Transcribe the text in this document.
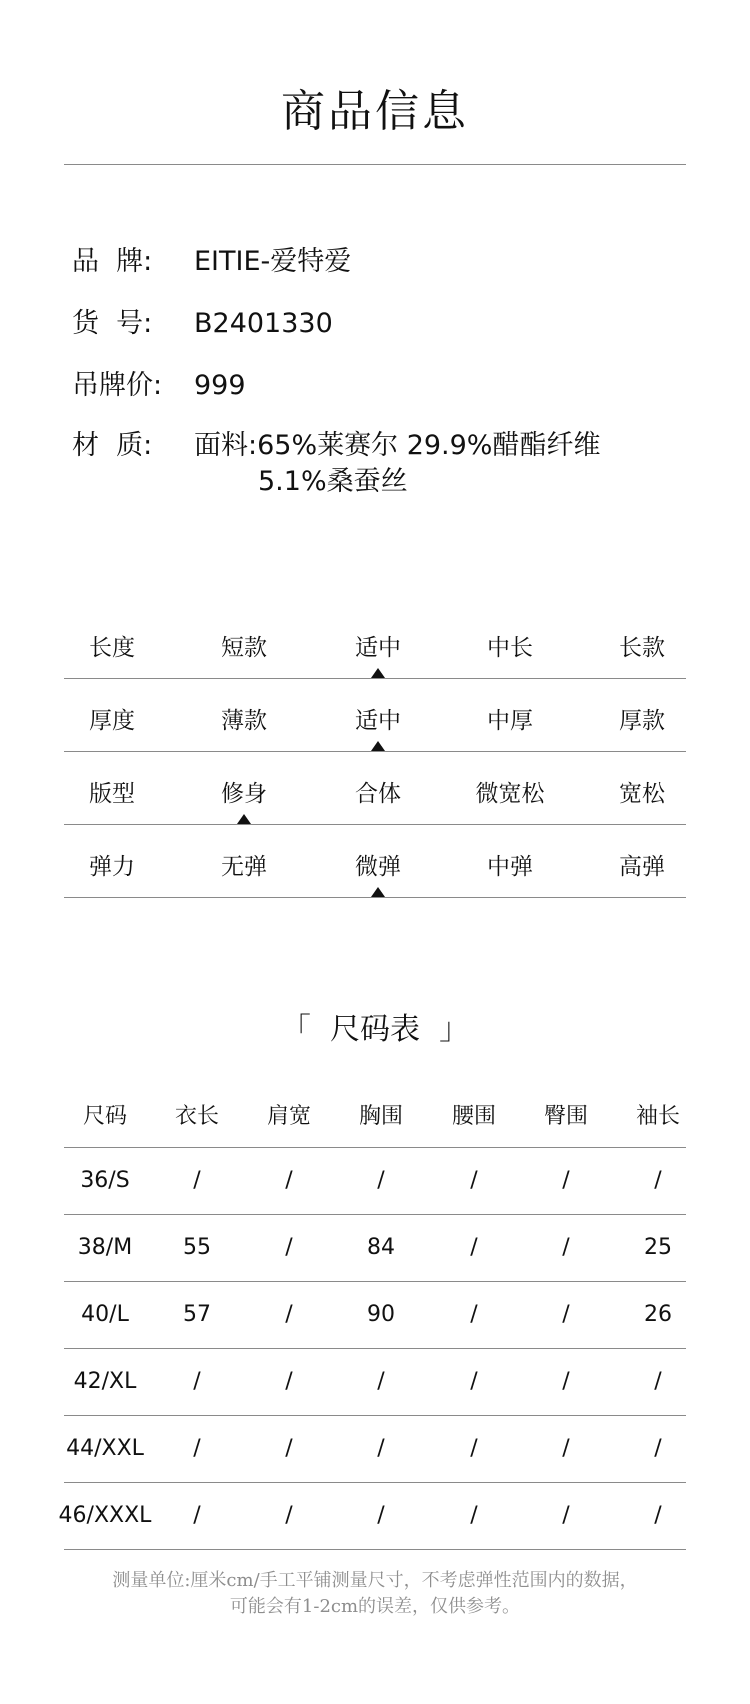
商品信息
品  牌:	EITIE-爱特爱
货  号:	B2401330
吊牌价:	999
材  质:	面料:65%莱赛尔 29.9%醋酯纤维
5.1%桑蚕丝
长度	短款	适中	中长	长款
厚度	薄款	适中	中厚	厚款
版型	修身	合体	微宽松	宽松
弹力	无弹	微弹	中弹	高弹
「  尺码表  」
尺码	衣长	肩宽	胸围	腰围	臀围	袖长
36/S	/	/	/	/	/	/
38/M	55	/	84	/	/	25
40/L	57	/	90	/	/	26
42/XL	/	/	/	/	/	/
44/XXL	/	/	/	/	/	/
46/XXXL	/	/	/	/	/	/
测量单位:厘米cm/手工平铺测量尺寸，不考虑弹性范围内的数据，
可能会有1-2cm的误差，仅供参考。
